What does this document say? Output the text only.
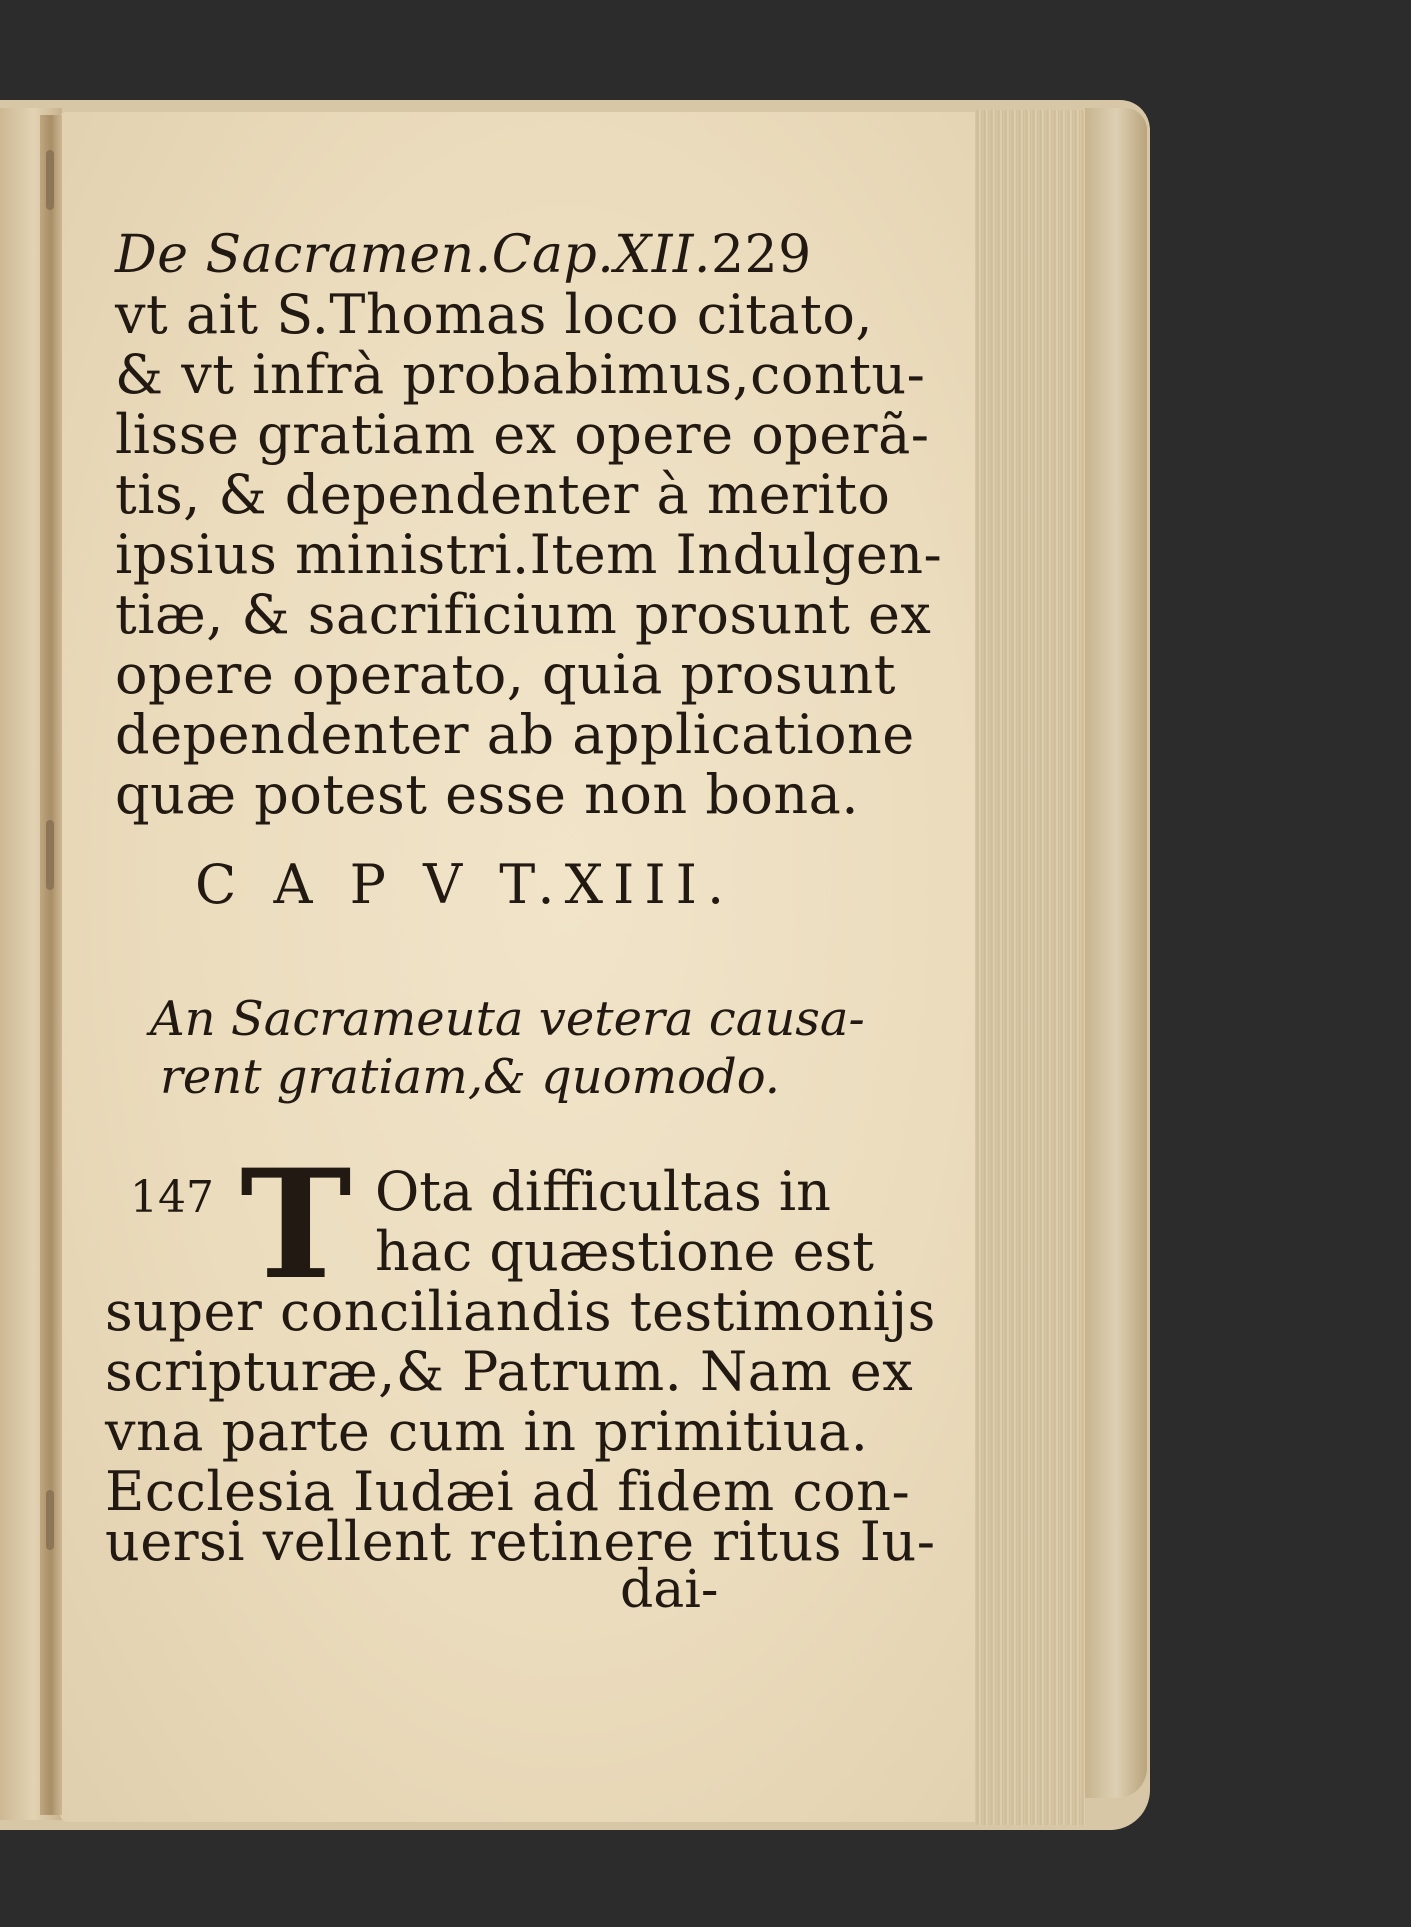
De Sacramen.Cap.XII. 229
vt ait S.Thomas loco citato,
& vt infrà probabimus,contu-
lisse gratiam ex opere operã-
tis, & dependenter à merito
ipsius ministri.Item Indulgen-
tiæ, & sacrificium prosunt ex
opere operato, quia prosunt
dependenter ab applicatione
quæ potest esse non bona.
C A P V T. XIII.
An Sacrameuta vetera causa-
rent gratiam,& quomodo.
147 T Ota difficultas in
hac quæstione est
super conciliandis testimonijs
scripturæ,& Patrum. Nam ex
vna parte cum in primitiua.
Ecclesia Iudæi ad fidem con-
uersi vellent retinere ritus Iu-
dai-
